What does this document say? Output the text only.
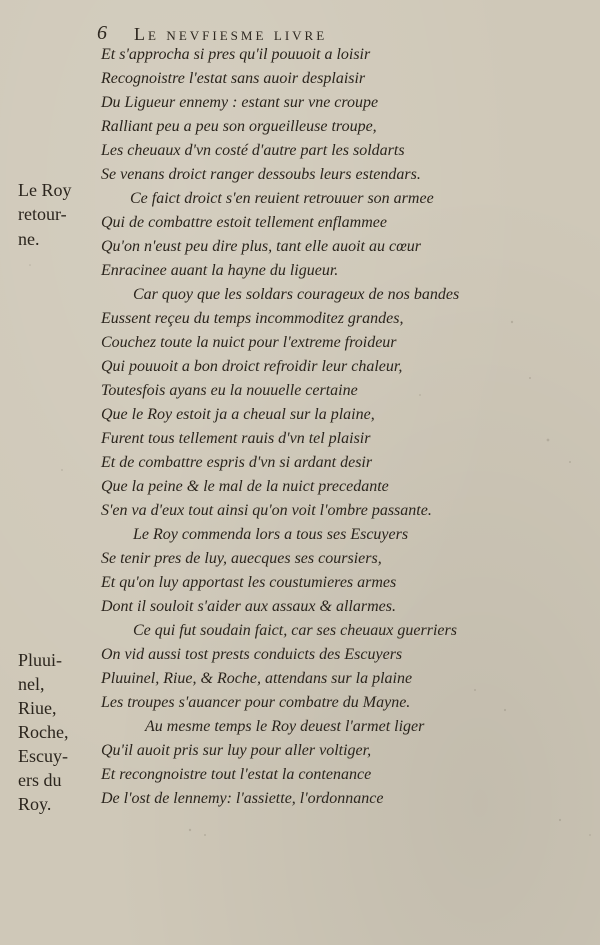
6 Le nevfiesme livre
Et s'approcha si pres qu'il pouuoit a loisir
Recognoistre l'estat sans auoir desplaisir
Du Ligueur ennemy : estant sur vne croupe
Ralliant peu a peu son orgueilleuse troupe,
Les cheuaux d'vn costé d'autre part les soldarts
Se venans droict ranger dessoubs leurs estendars.
Ce faict droict s'en reuient retrouuer son armee
Qui de combattre estoit tellement enflammee
Qu'on n'eust peu dire plus, tant elle auoit au cœur
Enracinee auant la hayne du ligueur.
Car quoy que les soldars courageux de nos bandes
Eussent reçeu du temps incommoditez grandes,
Couchez toute la nuict pour l'extreme froideur
Qui pouuoit a bon droict refroidir leur chaleur,
Toutesfois ayans eu la nouuelle certaine
Que le Roy estoit ja a cheual sur la plaine,
Furent tous tellement rauis d'vn tel plaisir
Et de combattre espris d'vn si ardant desir
Que la peine & le mal de la nuict precedante
S'en va d'eux tout ainsi qu'on voit l'ombre passante.
Le Roy commenda lors a tous ses Escuyers
Se tenir pres de luy, auecques ses coursiers,
Et qu'on luy apportast les coustumieres armes
Dont il souloit s'aider aux assaux & allarmes.
Ce qui fut soudain faict, car ses cheuaux guerriers
On vid aussi tost prests conduicts des Escuyers
Pluuinel, Riue, & Roche, attendans sur la plaine
Les troupes s'auancer pour combatre du Mayne.
Au mesme temps le Roy deuest l'armet liger
Qu'il auoit pris sur luy pour aller voltiger,
Et recongnoistre tout l'estat la contenance
De l'ost de lennemy: l'assiette, l'ordonnance
Le Roy
retour-
ne.
Pluui-
nel,
Riue,
Roche,
Escuy-
ers du
Roy.
